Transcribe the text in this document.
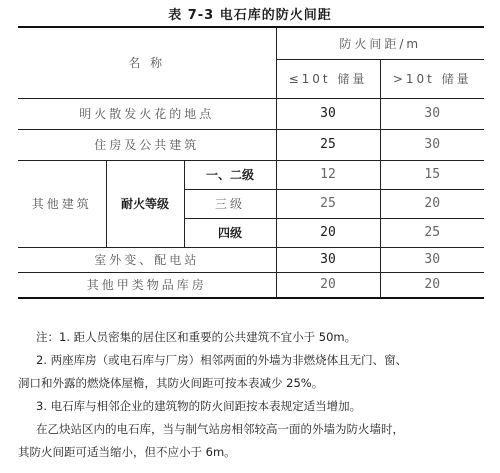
表 7-3 电石库的防火间距
名 称			防火间距/m	
			≤10t 储量	>10t 储量
明火散发火花的地点			30	30
住房及公共建筑			25	30
其他建筑	耐火等级	一、二级	12	15
		三级	25	20
		四级	20	25
室外变、配电站			30	30
其他甲类物品库房			20	20
注：1. 距人员密集的居住区和重要的公共建筑不宜小于 50m。
2. 两座库房（或电石库与厂房）相邻两面的外墙为非燃烧体且无门、窗、
洞口和外露的燃烧体屋檐，其防火间距可按本表减少 25%。
3. 电石库与相邻企业的建筑物的防火间距按本表规定适当增加。
在乙炔站区内的电石库，当与制气站房相邻较高一面的外墙为防火墙时，
其防火间距可适当缩小，但不应小于 6m。
